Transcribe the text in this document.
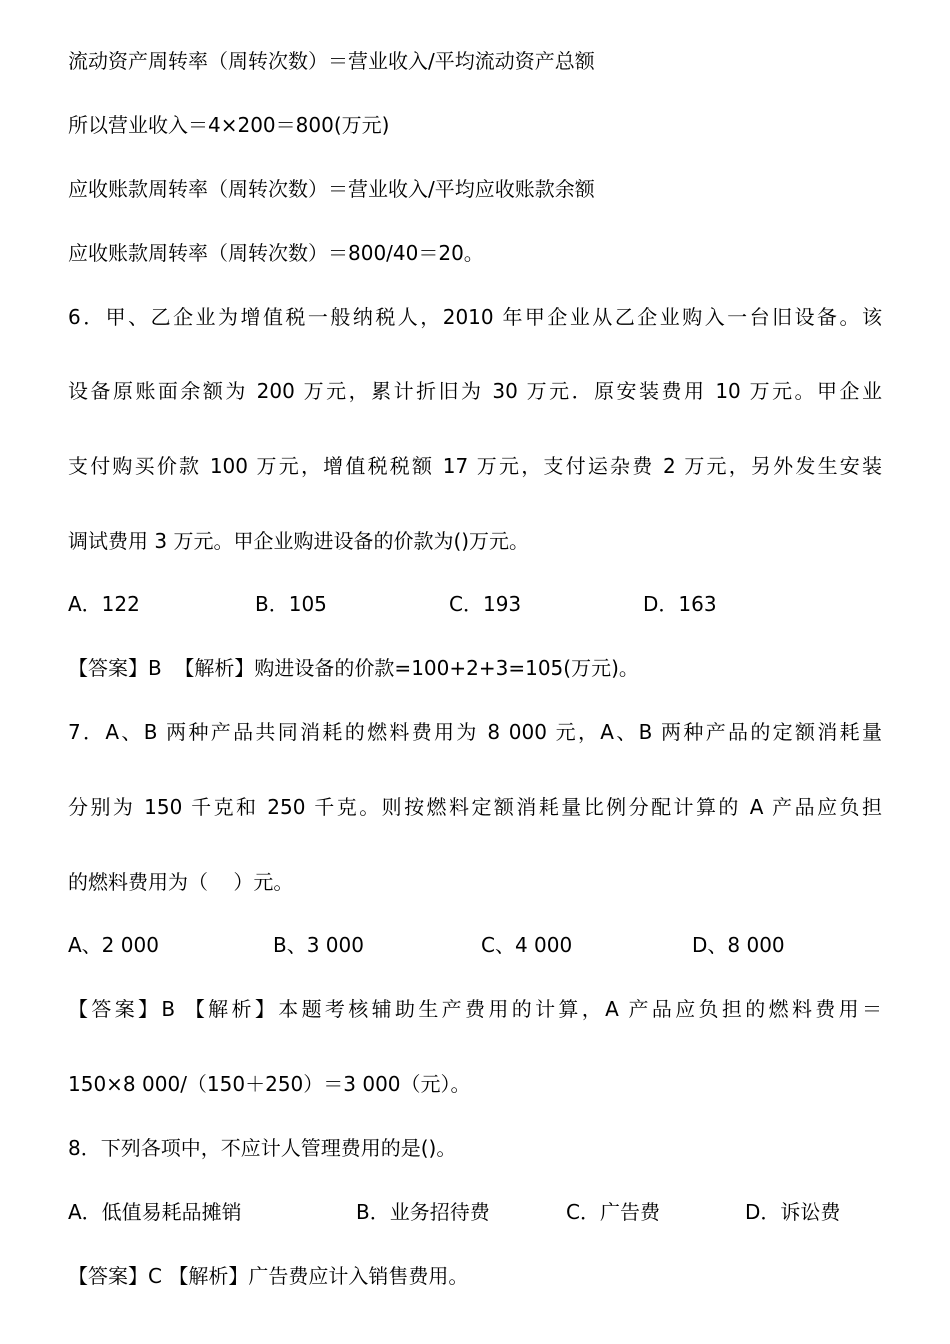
流动资产周转率（周转次数）＝营业收入/平均流动资产总额
所以营业收入＝4×200＝800(万元)
应收账款周转率（周转次数）＝营业收入/平均应收账款余额
应收账款周转率（周转次数）＝800/40＝20。
6．甲、乙企业为增值税一般纳税人，2010 年甲企业从乙企业购入一台旧设备。该
设备原账面余额为 200 万元，累计折旧为 30 万元．原安装费用 10 万元。甲企业
支付购买价款 100 万元，增值税税额 17 万元，支付运杂费 2 万元，另外发生安装
调试费用 3 万元。甲企业购进设备的价款为()万元。
A．122	B．105	C．193	D．163
【答案】B  【解析】购进设备的价款=100+2+3=105(万元)。
7．A、B 两种产品共同消耗的燃料费用为 8 000 元，A、B 两种产品的定额消耗量
分别为 150 千克和 250 千克。则按燃料定额消耗量比例分配计算的 A 产品应负担
的燃料费用为（    ）元。
A、2 000	B、3 000	C、4 000	D、8 000
【答案】B 【解析】本题考核辅助生产费用的计算，A 产品应负担的燃料费用＝
150×8 000/（150＋250）＝3 000（元）。
8．下列各项中，不应计人管理费用的是()。
A．低值易耗品摊销	B．业务招待费	C．广告费	D．诉讼费
【答案】C 【解析】广告费应计入销售费用。
